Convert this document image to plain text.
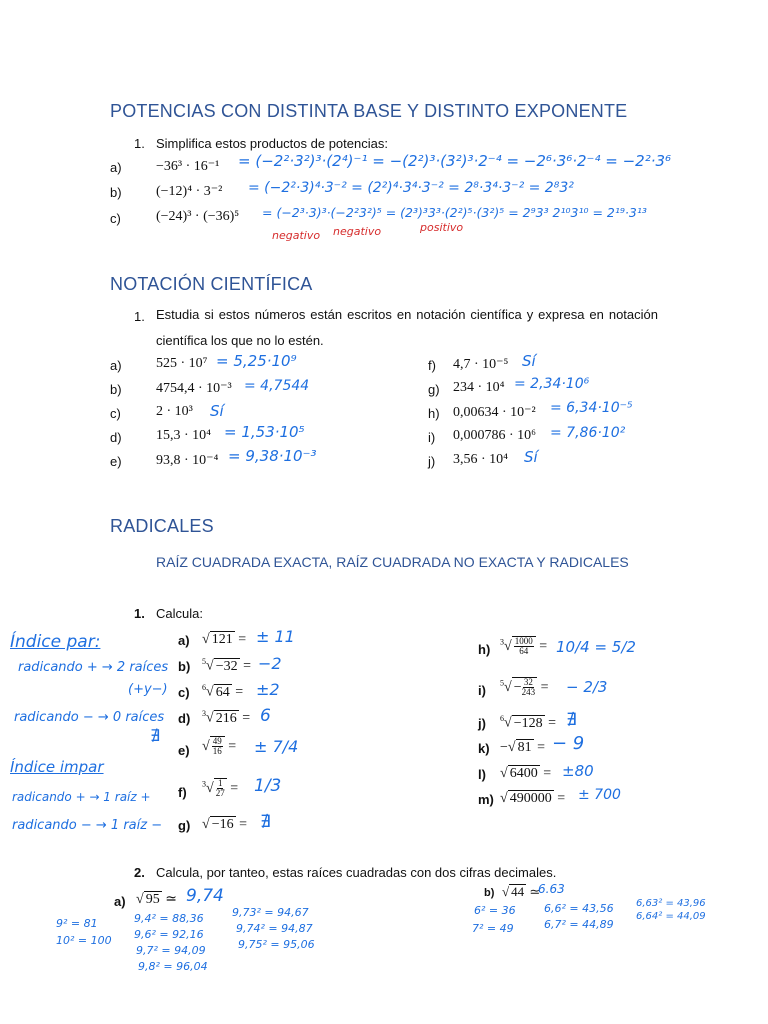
POTENCIAS CON DISTINTA BASE Y DISTINTO EXPONENTE
1. Simplifica estos productos de potencias:
a) −36³ · 16⁻¹ = (−2²·3²)³·(2⁴)⁻¹ = −(2²)³·(3²)³·2⁻⁴ = −2⁶·3⁶·2⁻⁴ = −2²·3⁶
b) (−12)⁴ · 3⁻² = (−2²·3)⁴·3⁻² = (2²)⁴·3⁴·3⁻² = 2⁸·3⁴·3⁻² = 2⁸3²
c)	(−24)³ · (−36)⁵ = (−2³·3)³·(−2²3²)⁵ = (2³)³3³·(2²)⁵·(3²)⁵ = 2⁹3³ 2¹⁰3¹⁰ = 2¹⁹·3¹³
negativo negativo	positivo
NOTACIÓN CIENTÍFICA
1. Estudia si estos números están escritos en notación científica y expresa en notación científica los que no lo estén.
a) 525 · 10⁷ = 5,25·10⁹
b) 4754,4 · 10⁻³ = 4,7544
c)	2 · 10³ Sí
d) 15,3 · 10⁴ = 1,53·10⁵
e) 93,8 · 10⁻⁴ = 9,38·10⁻³
f) 4,7 · 10⁻⁵ Sí
g) 234 · 10⁴ = 2,34·10⁶
h) 0,00634 · 10⁻² = 6,34·10⁻⁵
i) 0,000786 · 10⁶ = 7,86·10²
j) 3,56 · 10⁴ Sí
RADICALES
RAÍZ CUADRADA EXACTA, RAÍZ CUADRADA NO EXACTA Y RADICALES
1. Calcula:
Índice par:
radicando + → 2 raíces
(+y−)
radicando − → 0 raíces
∄
Índice impar
radicando + → 1 raíz +
radicando − → 1 raíz −
a) √ 121 = ± 11
b) $^5$√ −32 = −2
c) $^6$√ 64 = ±2
d) $^3$√ 216 = 6
e) √ $\frac{49}{16}$ = ± 7/4
f)
$^3√ \frac{1}{27} = 1/3$
g) √ −16 = ∄
h) $^3√ \frac{1000}{64} = 10/4 = 5/2$
i) $^5√ - \frac{32}{243}$ = − 2/3
j) $^6$√ −128 = ∄
k) −√ 81 = − 9
l) √ 6400 = ±80
m) √ 490000 = ± 700
2. Calcula, por tanteo, estas raíces cuadradas con dos cifras decimales.
a) √ 95 ≃ 9,74	b) √ 44 ≃
6.63
9² = 81
10² = 100
9,4² = 88,36
9,6² = 92,16
9,7² = 94,09
9,8² = 96,04
9,73² = 94,67
9,74² = 94,87
9,75² = 95,06
6² = 36
7² = 49
6,6² = 43,56
6,7² = 44,89
6,63² = 43,96
6,64² = 44,09
